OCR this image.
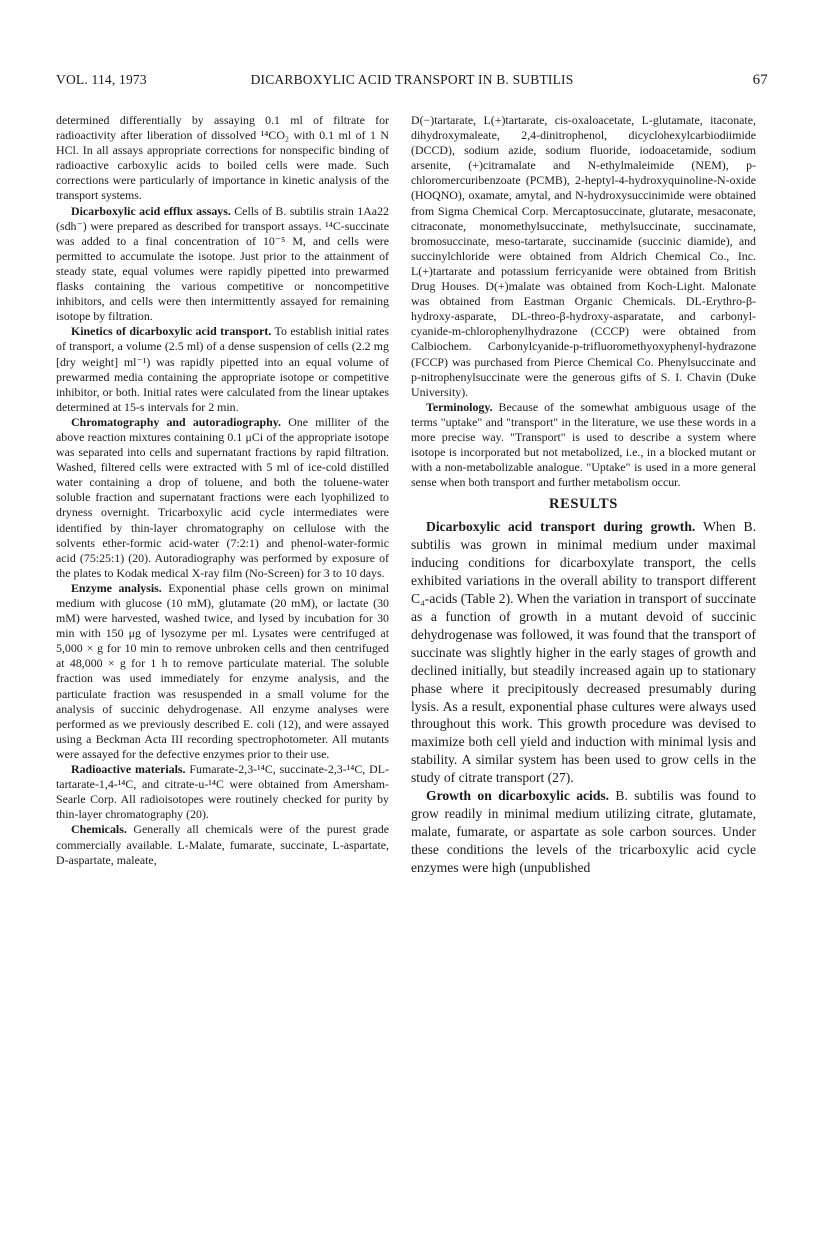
VOL. 114, 1973	DICARBOXYLIC ACID TRANSPORT IN B. SUBTILIS	67

determined differentially by assaying 0.1 ml of filtrate for radioactivity after liberation of dissolved ¹⁴CO₂ with 0.1 ml of 1 N HCl. In all assays appropriate corrections for nonspecific binding of radioactive carboxylic acids to boiled cells were made. Such corrections were particularly of importance in kinetic analysis of the transport systems.

Dicarboxylic acid efflux assays. Cells of B. subtilis strain 1Aa22 (sdh⁻) were prepared as described for transport assays. ¹⁴C-succinate was added to a final concentration of 10⁻⁵ M, and cells were permitted to accumulate the isotope. Just prior to the attainment of steady state, equal volumes were rapidly pipetted into prewarmed flasks containing the various competitive or noncompetitive inhibitors, and cells were then intermittently assayed for remaining isotope by filtration.

Kinetics of dicarboxylic acid transport. To establish initial rates of transport, a volume (2.5 ml) of a dense suspension of cells (2.2 mg [dry weight] ml⁻¹) was rapidly pipetted into an equal volume of prewarmed media containing the appropriate isotope or competitive inhibitor, or both. Initial rates were calculated from the linear uptakes determined at 15-s intervals for 2 min.

Chromatography and autoradiography. One milliter of the above reaction mixtures containing 0.1 μCi of the appropriate isotope was separated into cells and supernatant fractions by rapid filtration. Washed, filtered cells were extracted with 5 ml of ice-cold distilled water containing a drop of toluene, and both the toluene-water soluble fraction and supernatant fractions were each lyophilized to dryness overnight. Tricarboxylic acid cycle intermediates were identified by thin-layer chromatography on cellulose with the solvents ether-formic acid-water (7:2:1) and phenol-water-formic acid (75:25:1) (20). Autoradiography was performed by exposure of the plates to Kodak medical X-ray film (No-Screen) for 3 to 10 days.

Enzyme analysis. Exponential phase cells grown on minimal medium with glucose (10 mM), glutamate (20 mM), or lactate (30 mM) were harvested, washed twice, and lysed by incubation for 30 min with 150 μg of lysozyme per ml. Lysates were centrifuged at 5,000 × g for 10 min to remove unbroken cells and then centrifuged at 48,000 × g for 1 h to remove particulate material. The soluble fraction was used immediately for enzyme analysis, and the particulate fraction was resuspended in a small volume for the analysis of succinic dehydrogenase. All enzyme analyses were performed as we previously described E. coli (12), and were assayed using a Beckman Acta III recording spectrophotometer. All mutants were assayed for the defective enzymes prior to their use.

Radioactive materials. Fumarate-2,3-¹⁴C, succinate-2,3-¹⁴C, DL-tartarate-1,4-¹⁴C, and citrate-u-¹⁴C were obtained from Amersham-Searle Corp. All radioisotopes were routinely checked for purity by thin-layer chromatography (20).

Chemicals. Generally all chemicals were of the purest grade commercially available. L-Malate, fumarate, succinate, L-aspartate, D-aspartate, maleate,

D(−)tartarate, L(+)tartarate, cis-oxaloacetate, L-glutamate, itaconate, dihydroxymaleate, 2,4-dinitrophenol, dicyclohexylcarbiodiimide (DCCD), sodium azide, sodium fluoride, iodoacetamide, sodium arsenite, (+)citramalate and N-ethylmaleimide (NEM), p-chloromercuribenzoate (PCMB), 2-heptyl-4-hydroxyquinoline-N-oxide (HOQNO), oxamate, amytal, and N-hydroxysuccinimide were obtained from Sigma Chemical Corp. Mercaptosuccinate, glutarate, mesaconate, citraconate, monomethylsuccinate, methylsuccinate, succinamate, bromosuccinate, meso-tartarate, succinamide (succinic diamide), and succinylchloride were obtained from Aldrich Chemical Co., Inc. L(+)tartarate and potassium ferricyanide were obtained from British Drug Houses. D(+)malate was obtained from Koch-Light. Malonate was obtained from Eastman Organic Chemicals. DL-Erythro-β-hydroxy-asparate, DL-threo-β-hydroxy-asparatate, and carbonyl-cyanide-m-chlorophenylhydrazone (CCCP) were obtained from Calbiochem. Carbonylcyanide-p-trifluoromethyoxyphenyl-hydrazone (FCCP) was purchased from Pierce Chemical Co. Phenylsuccinate and p-nitrophenylsuccinate were the generous gifts of S. I. Chavin (Duke University).

Terminology. Because of the somewhat ambiguous usage of the terms "uptake" and "transport" in the literature, we use these words in a more precise way. "Transport" is used to describe a system where isotope is incorporated but not metabolized, i.e., in a blocked mutant or with a non-metabolizable analogue. "Uptake" is used in a more general sense when both transport and further metabolism occur.

RESULTS

Dicarboxylic acid transport during growth. When B. subtilis was grown in minimal medium under maximal inducing conditions for dicarboxylate transport, the cells exhibited variations in the overall ability to transport different C₄-acids (Table 2). When the variation in transport of succinate as a function of growth in a mutant devoid of succinic dehydrogenase was followed, it was found that the transport of succinate was slightly higher in the early stages of growth and declined initially, but steadily increased again up to stationary phase where it precipitously decreased presumably during lysis. As a result, exponential phase cultures were always used throughout this work. This growth procedure was devised to maximize both cell yield and induction with minimal lysis and stability. A similar system has been used to grow cells in the study of citrate transport (27).

Growth on dicarboxylic acids. B. subtilis was found to grow readily in minimal medium utilizing citrate, glutamate, malate, fumarate, or aspartate as sole carbon sources. Under these conditions the levels of the tricarboxylic acid cycle enzymes were high (unpublished
